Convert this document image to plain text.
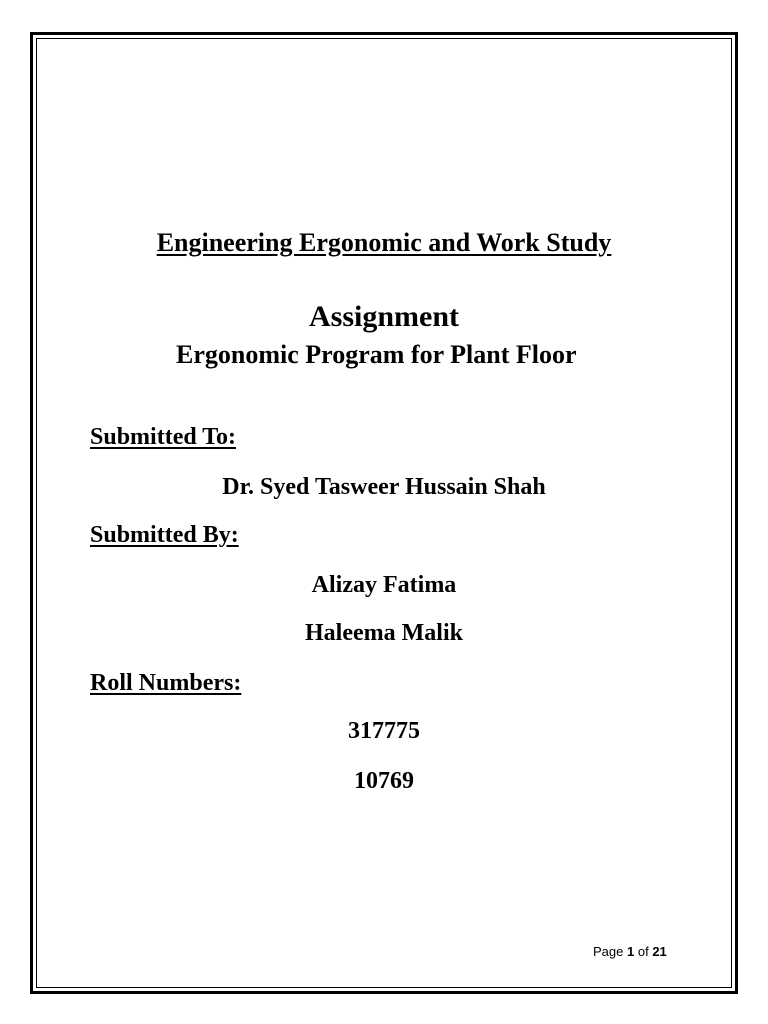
Engineering Ergonomic and Work Study
Assignment
Ergonomic Program for Plant Floor
Submitted To:
Dr. Syed Tasweer Hussain Shah
Submitted By:
Alizay Fatima
Haleema Malik
Roll Numbers:
317775
10769
Page 1 of 21
